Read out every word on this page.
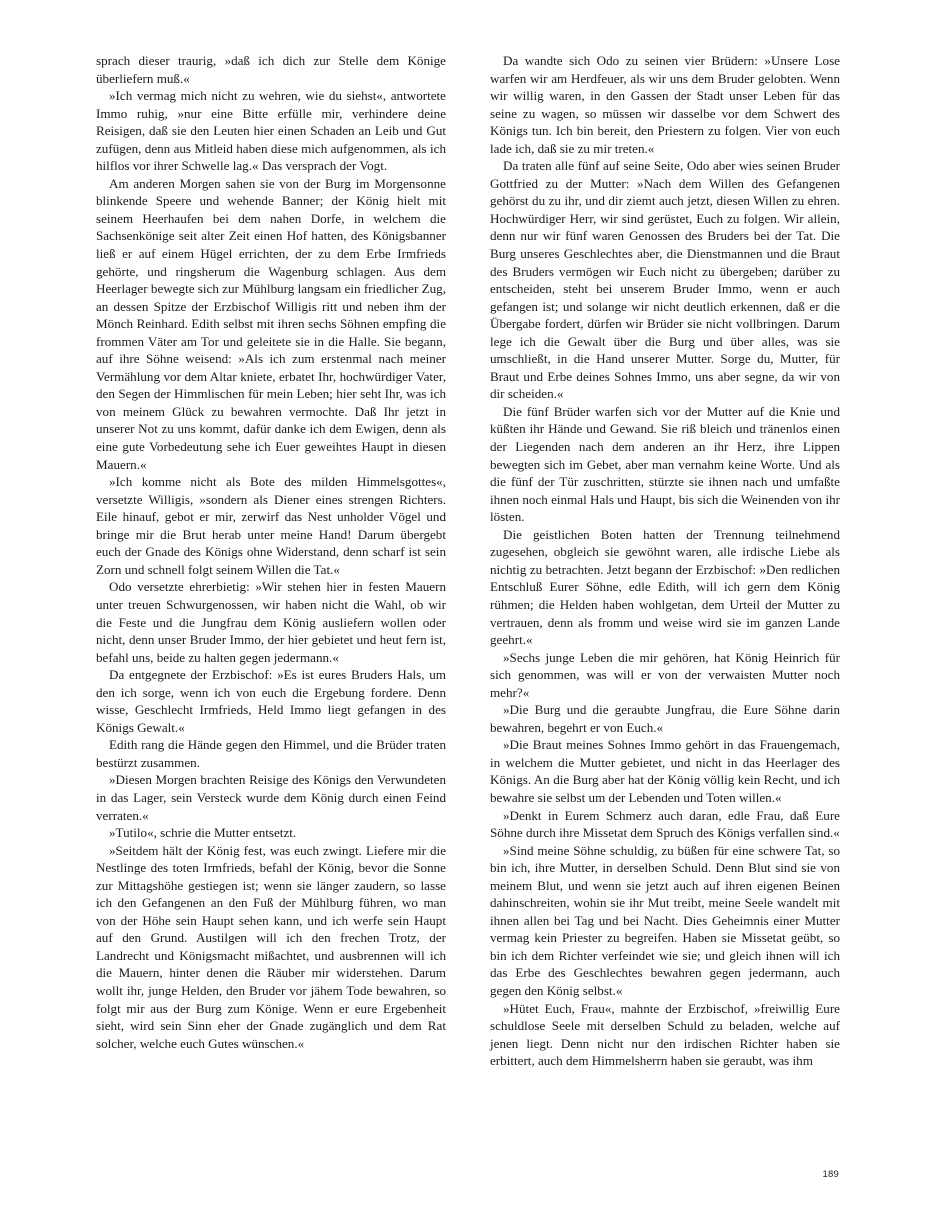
sprach dieser traurig, »daß ich dich zur Stelle dem Könige überliefern muß.«

»Ich vermag mich nicht zu wehren, wie du siehst«, antwortete Immo ruhig, »nur eine Bitte erfülle mir, verhindere deine Reisigen, daß sie den Leuten hier einen Schaden an Leib und Gut zufügen, denn aus Mitleid haben diese mich aufgenommen, als ich hilflos vor ihrer Schwelle lag.« Das versprach der Vogt.

Am anderen Morgen sahen sie von der Burg im Morgensonne blinkende Speere und wehende Banner; der König hielt mit seinem Heerhaufen bei dem nahen Dorfe, in welchem die Sachsenkönige seit alter Zeit einen Hof hatten, des Königsbanner ließ er auf einem Hügel errichten, der zu dem Erbe Irmfrieds gehörte, und ringsherum die Wagenburg schlagen. Aus dem Heerlager bewegte sich zur Mühlburg langsam ein friedlicher Zug, an dessen Spitze der Erzbischof Willigis ritt und neben ihm der Mönch Reinhard. Edith selbst mit ihren sechs Söhnen empfing die frommen Väter am Tor und geleitete sie in die Halle. Sie begann, auf ihre Söhne weisend: »Als ich zum erstenmal nach meiner Vermählung vor dem Altar kniete, erbatet Ihr, hochwürdiger Vater, den Segen der Himmlischen für mein Leben; hier seht Ihr, was ich von meinem Glück zu bewahren vermochte. Daß Ihr jetzt in unserer Not zu uns kommt, dafür danke ich dem Ewigen, denn als eine gute Vorbedeutung sehe ich Euer geweihtes Haupt in diesen Mauern.«

»Ich komme nicht als Bote des milden Himmelsgottes«, versetzte Willigis, »sondern als Diener eines strengen Richters. Eile hinauf, gebot er mir, zerwirf das Nest unholder Vögel und bringe mir die Brut herab unter meine Hand! Darum übergebt euch der Gnade des Königs ohne Widerstand, denn scharf ist sein Zorn und schnell folgt seinem Willen die Tat.«

Odo versetzte ehrerbietig: »Wir stehen hier in festen Mauern unter treuen Schwurgenossen, wir haben nicht die Wahl, ob wir die Feste und die Jungfrau dem König ausliefern wollen oder nicht, denn unser Bruder Immo, der hier gebietet und heut fern ist, befahl uns, beide zu halten gegen jedermann.«

Da entgegnete der Erzbischof: »Es ist eures Bruders Hals, um den ich sorge, wenn ich von euch die Ergebung fordere. Denn wisse, Geschlecht Irmfrieds, Held Immo liegt gefangen in des Königs Gewalt.«

Edith rang die Hände gegen den Himmel, und die Brüder traten bestürzt zusammen.

»Diesen Morgen brachten Reisige des Königs den Verwundeten in das Lager, sein Versteck wurde dem König durch einen Feind verraten.«

»Tutilo«, schrie die Mutter entsetzt.

»Seitdem hält der König fest, was euch zwingt. Liefere mir die Nestlinge des toten Irmfrieds, befahl der König, bevor die Sonne zur Mittagshöhe gestiegen ist; wenn sie länger zaudern, so lasse ich den Gefangenen an den Fuß der Mühlburg führen, wo man von der Höhe sein Haupt sehen kann, und ich werfe sein Haupt auf den Grund. Austilgen will ich den frechen Trotz, der Landrecht und Königsmacht mißachtet, und ausbrennen will ich die Mauern, hinter denen die Räuber mir widerstehen. Darum wollt ihr, junge Helden, den Bruder vor jähem Tode bewahren, so folgt mir aus der Burg zum Könige. Wenn er eure Ergebenheit sieht, wird sein Sinn eher der Gnade zugänglich und dem Rat solcher, welche euch Gutes wünschen.«

Da wandte sich Odo zu seinen vier Brüdern: »Unsere Lose warfen wir am Herdfeuer, als wir uns dem Bruder gelobten. Wenn wir willig waren, in den Gassen der Stadt unser Leben für das seine zu wagen, so müssen wir dasselbe vor dem Schwert des Königs tun. Ich bin bereit, den Priestern zu folgen. Vier von euch lade ich, daß sie zu mir treten.«

Da traten alle fünf auf seine Seite, Odo aber wies seinen Bruder Gottfried zu der Mutter: »Nach dem Willen des Gefangenen gehörst du zu ihr, und dir ziemt auch jetzt, diesen Willen zu ehren. Hochwürdiger Herr, wir sind gerüstet, Euch zu folgen. Wir allein, denn nur wir fünf waren Genossen des Bruders bei der Tat. Die Burg unseres Geschlechtes aber, die Dienstmannen und die Braut des Bruders vermögen wir Euch nicht zu übergeben; darüber zu entscheiden, steht bei unserem Bruder Immo, wenn er auch gefangen ist; und solange wir nicht deutlich erkennen, daß er die Übergabe fordert, dürfen wir Brüder sie nicht vollbringen. Darum lege ich die Gewalt über die Burg und über alles, was sie umschließt, in die Hand unserer Mutter. Sorge du, Mutter, für Braut und Erbe deines Sohnes Immo, uns aber segne, da wir von dir scheiden.«

Die fünf Brüder warfen sich vor der Mutter auf die Knie und küßten ihr Hände und Gewand. Sie riß bleich und tränenlos einen der Liegenden nach dem anderen an ihr Herz, ihre Lippen bewegten sich im Gebet, aber man vernahm keine Worte. Und als die fünf der Tür zuschritten, stürzte sie ihnen nach und umfaßte ihnen noch einmal Hals und Haupt, bis sich die Weinenden von ihr lösten.

Die geistlichen Boten hatten der Trennung teilnehmend zugesehen, obgleich sie gewöhnt waren, alle irdische Liebe als nichtig zu betrachten. Jetzt begann der Erzbischof: »Den redlichen Entschluß Eurer Söhne, edle Edith, will ich gern dem König rühmen; die Helden haben wohlgetan, dem Urteil der Mutter zu vertrauen, denn als fromm und weise wird sie im ganzen Lande geehrt.«

»Sechs junge Leben die mir gehören, hat König Heinrich für sich genommen, was will er von der verwaisten Mutter noch mehr?«

»Die Burg und die geraubte Jungfrau, die Eure Söhne darin bewahren, begehrt er von Euch.«

»Die Braut meines Sohnes Immo gehört in das Frauengemach, in welchem die Mutter gebietet, und nicht in das Heerlager des Königs. An die Burg aber hat der König völlig kein Recht, und ich bewahre sie selbst um der Lebenden und Toten willen.«

»Denkt in Eurem Schmerz auch daran, edle Frau, daß Eure Söhne durch ihre Missetat dem Spruch des Königs verfallen sind.«

»Sind meine Söhne schuldig, zu büßen für eine schwere Tat, so bin ich, ihre Mutter, in derselben Schuld. Denn Blut sind sie von meinem Blut, und wenn sie jetzt auch auf ihren eigenen Beinen dahinschreiten, wohin sie ihr Mut treibt, meine Seele wandelt mit ihnen allen bei Tag und bei Nacht. Dies Geheimnis einer Mutter vermag kein Priester zu begreifen. Haben sie Missetat geübt, so bin ich dem Richter verfeindet wie sie; und gleich ihnen will ich das Erbe des Geschlechtes bewahren gegen jedermann, auch gegen den König selbst.«

»Hütet Euch, Frau«, mahnte der Erzbischof, »freiwillig Eure schuldlose Seele mit derselben Schuld zu beladen, welche auf jenen liegt. Denn nicht nur den irdischen Richter haben sie erbittert, auch dem Himmelsherrn haben sie geraubt, was ihm

189
